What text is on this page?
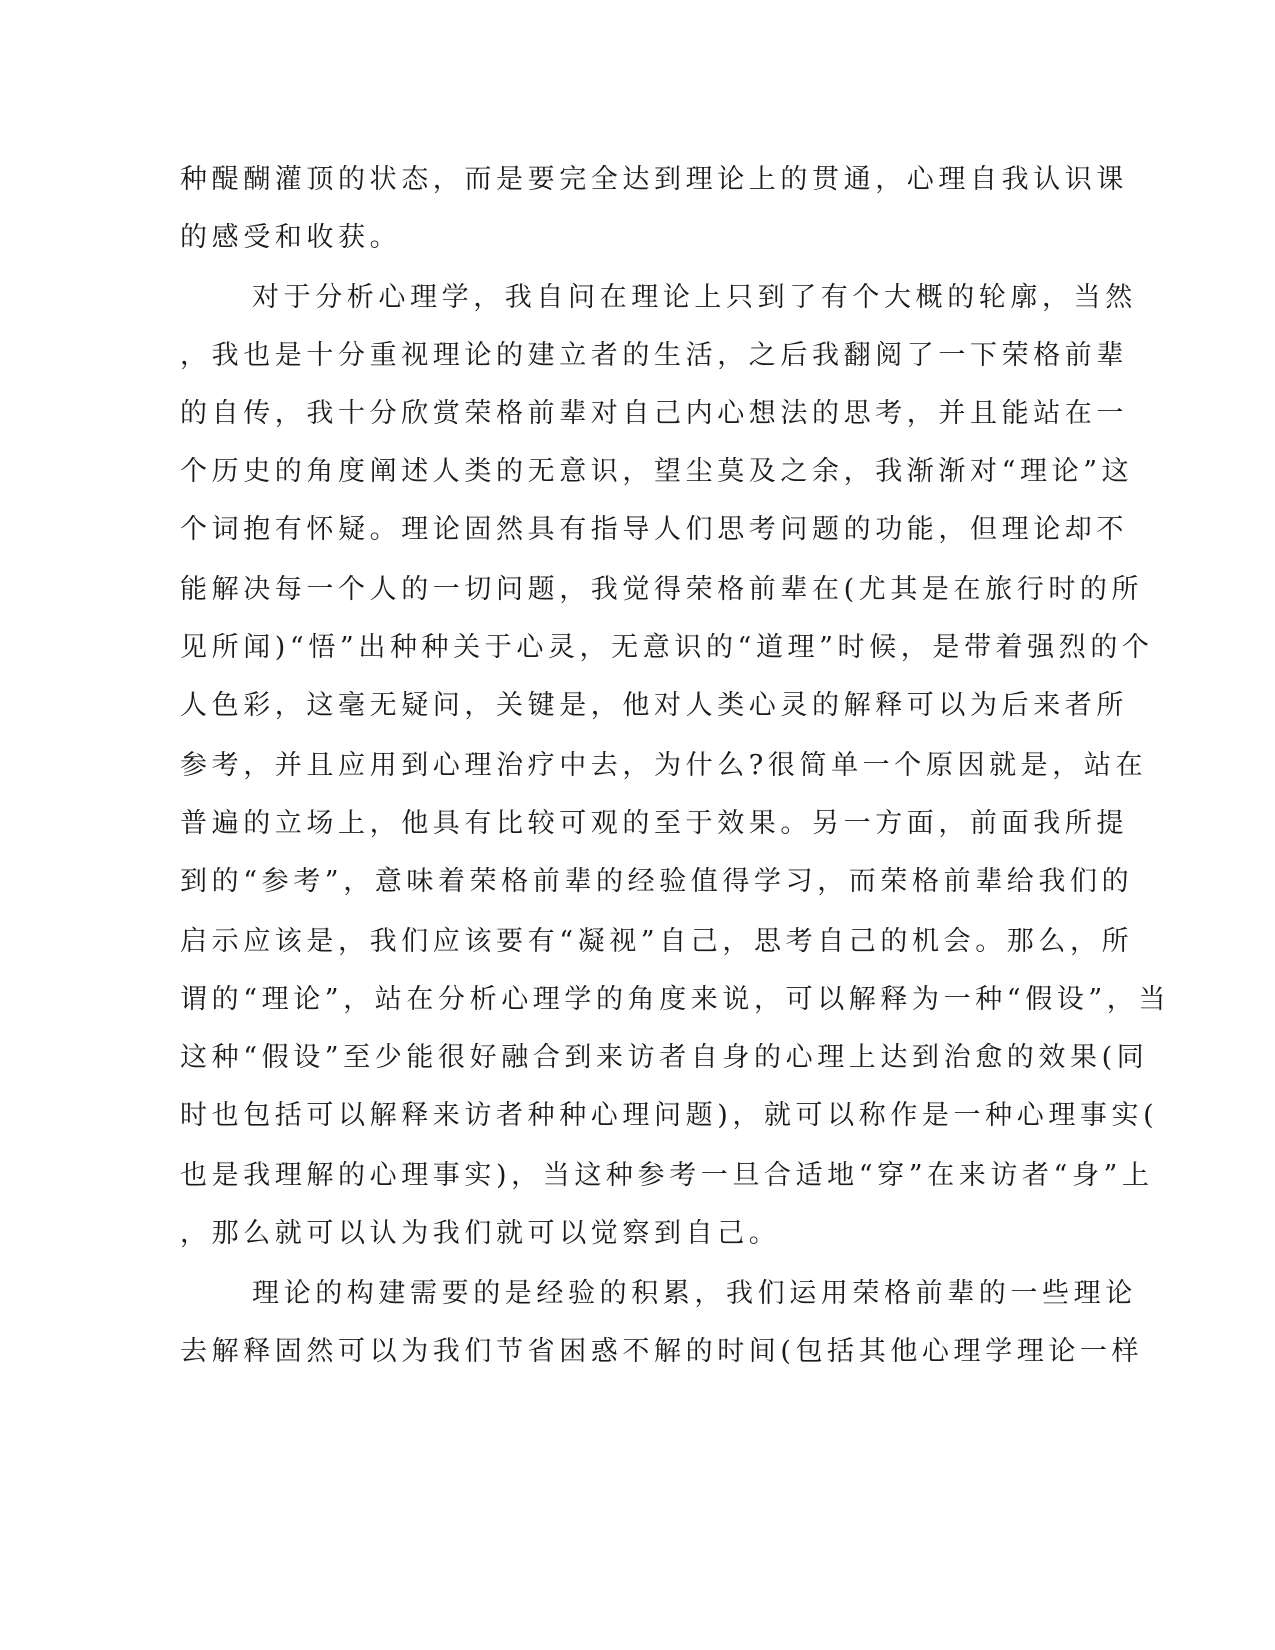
种醍醐灌顶的状态，而是要完全达到理论上的贯通，心理自我认识课

的感受和收获。

对于分析心理学，我自问在理论上只到了有个大概的轮廓，当然

，我也是十分重视理论的建立者的生活，之后我翻阅了一下荣格前辈

的自传，我十分欣赏荣格前辈对自己内心想法的思考，并且能站在一

个历史的角度阐述人类的无意识，望尘莫及之余，我渐渐对“理论”这

个词抱有怀疑。理论固然具有指导人们思考问题的功能，但理论却不

能解决每一个人的一切问题，我觉得荣格前辈在(尤其是在旅行时的所

见所闻)“悟”出种种关于心灵，无意识的“道理”时候，是带着强烈的个

人色彩，这毫无疑问，关键是，他对人类心灵的解释可以为后来者所

参考，并且应用到心理治疗中去，为什么?很简单一个原因就是，站在

普遍的立场上，他具有比较可观的至于效果。另一方面，前面我所提

到的“参考”，意味着荣格前辈的经验值得学习，而荣格前辈给我们的

启示应该是，我们应该要有“凝视”自己，思考自己的机会。那么，所

谓的“理论”，站在分析心理学的角度来说，可以解释为一种“假设”，当

这种“假设”至少能很好融合到来访者自身的心理上达到治愈的效果(同

时也包括可以解释来访者种种心理问题)，就可以称作是一种心理事实(

也是我理解的心理事实)，当这种参考一旦合适地“穿”在来访者“身”上

，那么就可以认为我们就可以觉察到自己。

理论的构建需要的是经验的积累，我们运用荣格前辈的一些理论

去解释固然可以为我们节省困惑不解的时间(包括其他心理学理论一样
